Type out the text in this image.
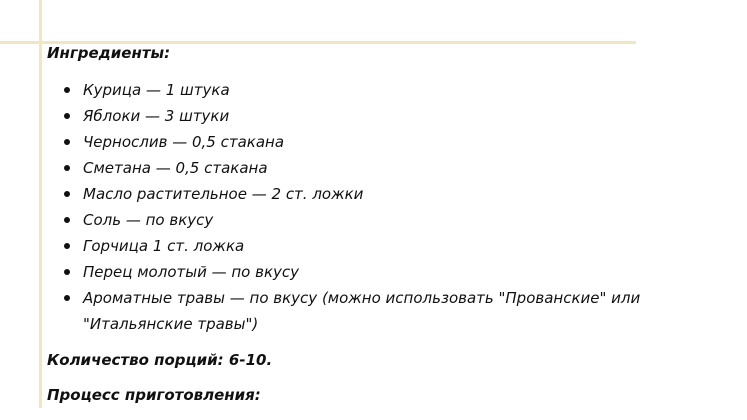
Ингредиенты:

Курица — 1 штука
Яблоки — 3 штуки
Чернослив — 0,5 стакана
Сметана — 0,5 стакана
Масло растительное — 2 ст. ложки
Соль — по вкусу
Горчица 1 ст. ложка
Перец молотый — по вкусу
Ароматные травы — по вкусу (можно использовать "Прованские" или "Итальянские травы")

Количество порций: 6-10.

Процесс приготовления:
